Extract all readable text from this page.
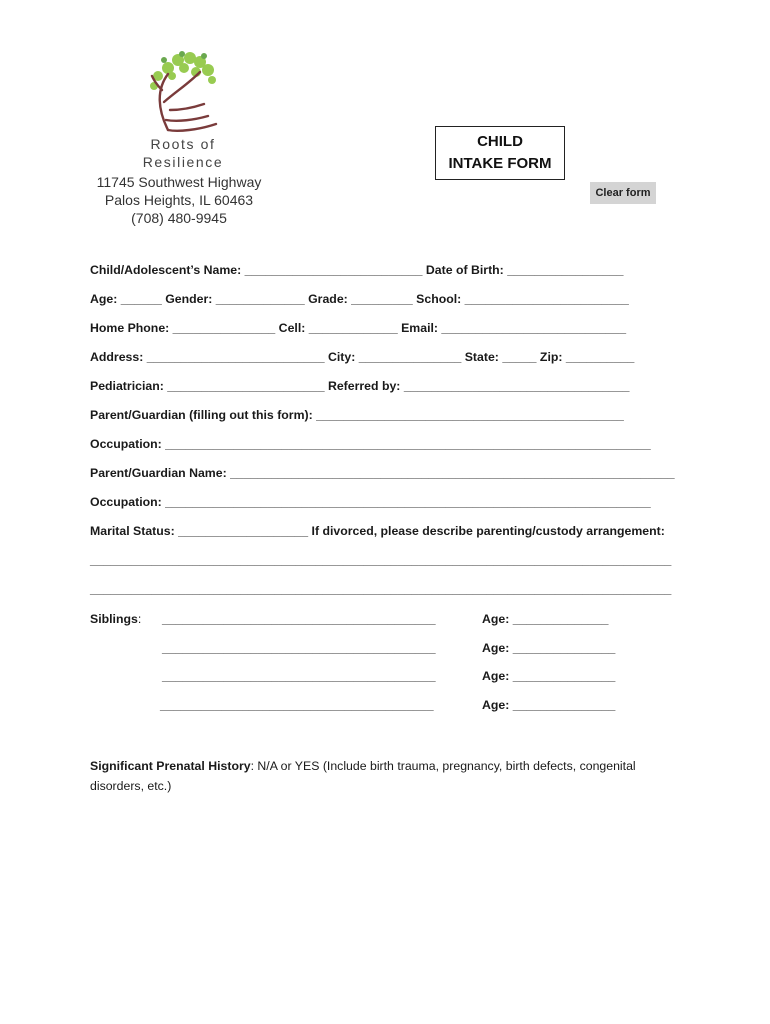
Roots of
Resilience
11745 Southwest Highway
Palos Heights, IL 60463
(708) 480-9945
CHILD
INTAKE FORM
Clear form
Child/Adolescent’s Name: __________________________ Date of Birth: _________________
Age: ______ Gender: _____________ Grade: _________ School: ________________________
Home Phone: _______________ Cell: _____________ Email: ___________________________
Address: __________________________ City: _______________ State: _____ Zip: __________
Pediatrician: _______________________ Referred by: _________________________________
Parent/Guardian (filling out this form): _____________________________________________
Occupation: _______________________________________________________________________
Parent/Guardian Name: _________________________________________________________________
Occupation: _______________________________________________________________________
Marital Status: ___________________ If divorced, please describe parenting/custody arrangement:
_____________________________________________________________________________________
_____________________________________________________________________________________
Siblings: ________________________________________	Age: ______________
________________________________________	Age: _______________
________________________________________	Age: _______________
________________________________________	Age: _______________
Significant Prenatal History: N/A or YES (Include birth trauma, pregnancy, birth defects, congenital disorders, etc.)
